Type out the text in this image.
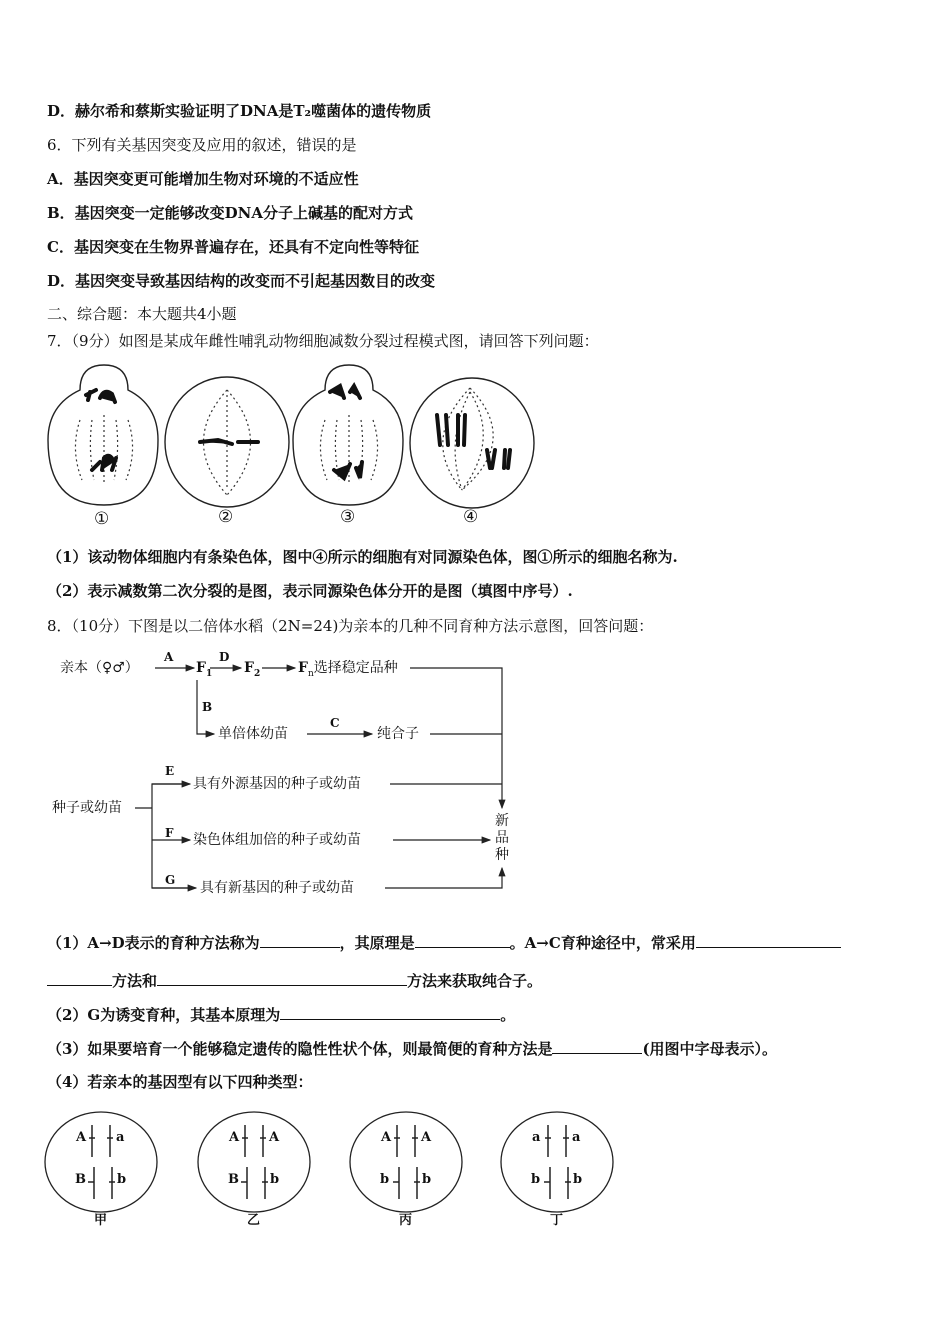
D．赫尔希和蔡斯实验证明了DNA是T₂噬菌体的遗传物质
6．下列有关基因突变及应用的叙述，错误的是
A．基因突变更可能增加生物对环境的不适应性
B．基因突变一定能够改变DNA分子上碱基的配对方式
C．基因突变在生物界普遍存在，还具有不定向性等特征
D．基因突变导致基因结构的改变而不引起基因数目的改变
二、综合题：本大题共4小题
7．（9分）如图是某成年雌性哺乳动物细胞减数分裂过程模式图，请回答下列问题：
①	②	③	④
（1）该动物体细胞内有条染色体，图中④所示的细胞有对同源染色体，图①所示的细胞名称为.
（2）表示减数第二次分裂的是图，表示同源染色体分开的是图（填图中序号）.
8．（10分）下图是以二倍体水稻（2N=24)为亲本的几种不同育种方法示意图，回答问题：
亲本（♀♂）
A
$F_1$
D
$F_2$	$F_n$选择稳定品种
B
单倍体幼苗
C
纯合子
种子或幼苗
E
具有外源基因的种子或幼苗
F 染色体组加倍的种子或幼苗
G 具有新基因的种子或幼苗
新
品
种
（1）A→D表示的育种方法称为	，其原理是	。A→C育种途径中，常采用
方法和	方法来获取纯合子。
（2）G为诱变育种，其基本原理为	。
（3）如果要培育一个能够稳定遗传的隐性性状个体，则最简便的育种方法是	(用图中字母表示）。
（4）若亲本的基因型有以下四种类型：
A a
B b
甲
A A
B b
乙
A A
b	b
丙
a a
b	b
丁
